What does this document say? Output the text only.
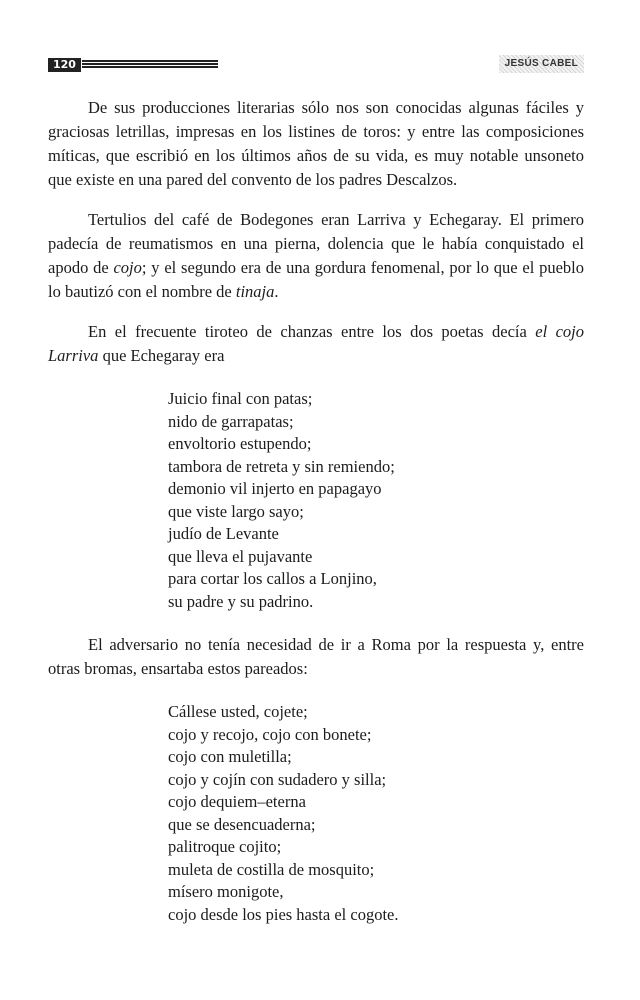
120	JESÚS CABEL

De sus producciones literarias sólo nos son conocidas algunas fáciles y graciosas letrillas, impresas en los listines de toros: y entre las composiciones míticas, que escribió en los últimos años de su vida, es muy notable unsoneto que existe en una pared del convento de los padres Descalzos.

Tertulios del café de Bodegones eran Larriva y Echegaray. El primero padecía de reumatismos en una pierna, dolencia que le había conquistado el apodo de cojo; y el segundo era de una gordura fenomenal, por lo que el pueblo lo bautizó con el nombre de tinaja.

En el frecuente tiroteo de chanzas entre los dos poetas decía el cojo Larriva que Echegaray era

Juicio final con patas;
nido de garrapatas;
envoltorio estupendo;
tambora de retreta y sin remiendo;
demonio vil injerto en papagayo
que viste largo sayo;
judío de Levante
que lleva el pujavante
para cortar los callos a Lonjino,
su padre y su padrino.

El adversario no tenía necesidad de ir a Roma por la respuesta y, entre otras bromas, ensartaba estos pareados:

Cállese usted, cojete;
cojo y recojo, cojo con bonete;
cojo con muletilla;
cojo y cojín con sudadero y silla;
cojo dequiem–eterna
que se desencuaderna;
palitroque cojito;
muleta de costilla de mosquito;
mísero monigote,
cojo desde los pies hasta el cogote.
